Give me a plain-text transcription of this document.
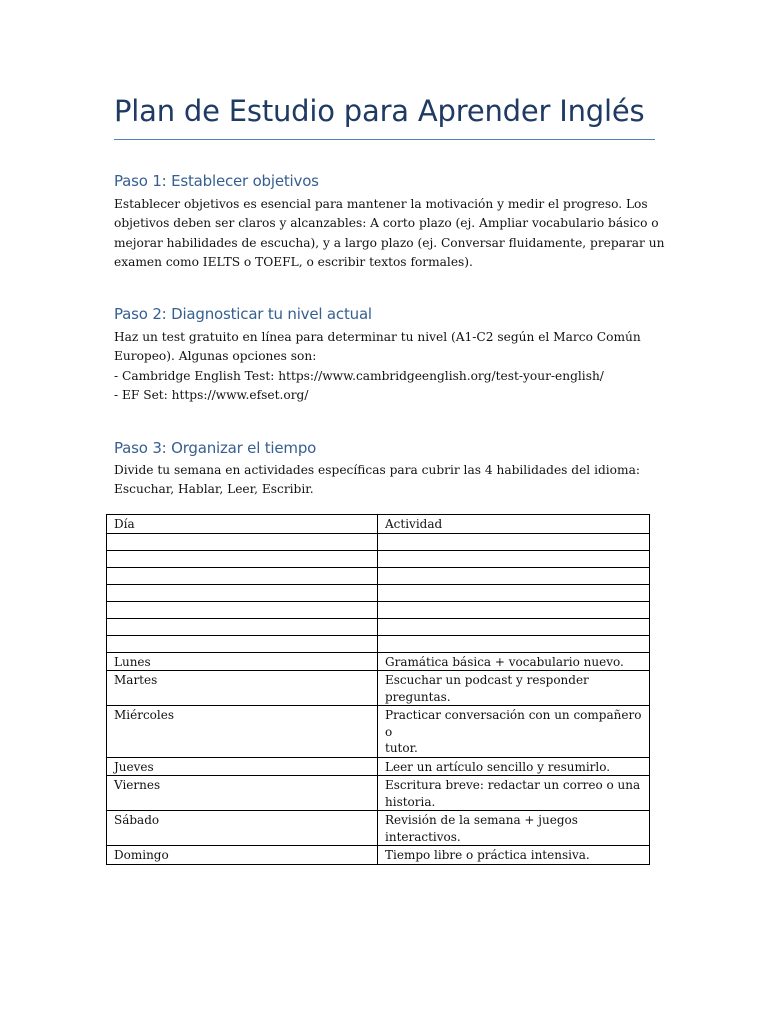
Plan de Estudio para Aprender Inglés
Paso 1: Establecer objetivos
Establecer objetivos es esencial para mantener la motivación y medir el progreso. Los
objetivos deben ser claros y alcanzables: A corto plazo (ej. Ampliar vocabulario básico o
mejorar habilidades de escucha), y a largo plazo (ej. Conversar fluidamente, preparar un
examen como IELTS o TOEFL, o escribir textos formales).
Paso 2: Diagnosticar tu nivel actual
Haz un test gratuito en línea para determinar tu nivel (A1-C2 según el Marco Común
Europeo). Algunas opciones son:
- Cambridge English Test: https://www.cambridgeenglish.org/test-your-english/
- EF Set: https://www.efset.org/
Paso 3: Organizar el tiempo
Divide tu semana en actividades específicas para cubrir las 4 habilidades del idioma:
Escuchar, Hablar, Leer, Escribir.
Día	Actividad

Lunes	Gramática básica + vocabulario nuevo.

Martes	Escuchar un podcast y responder
preguntas.

Miércoles	Practicar conversación con un compañero o
tutor.

Jueves	Leer un artículo sencillo y resumirlo.

Viernes	Escritura breve: redactar un correo o una
historia.

Sábado	Revisión de la semana + juegos
interactivos.

Domingo	Tiempo libre o práctica intensiva.
